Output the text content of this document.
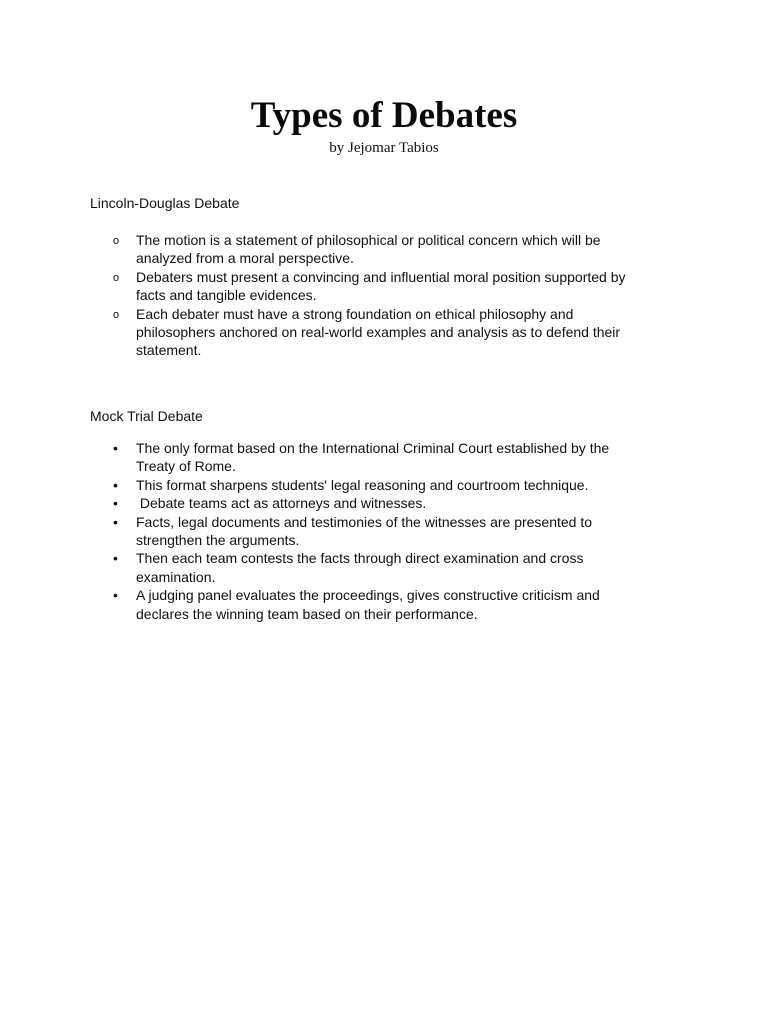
Types of Debates

by Jejomar Tabios

Lincoln-Douglas Debate

o The motion is a statement of philosophical or political concern which will be analyzed from a moral perspective.
o Debaters must present a convincing and influential moral position supported by facts and tangible evidences.
o Each debater must have a strong foundation on ethical philosophy and philosophers anchored on real-world examples and analysis as to defend their statement.

Mock Trial Debate

• The only format based on the International Criminal Court established by the Treaty of Rome.
• This format sharpens students' legal reasoning and courtroom technique.
• Debate teams act as attorneys and witnesses.
• Facts, legal documents and testimonies of the witnesses are presented to strengthen the arguments.
• Then each team contests the facts through direct examination and cross examination.
• A judging panel evaluates the proceedings, gives constructive criticism and declares the winning team based on their performance.
